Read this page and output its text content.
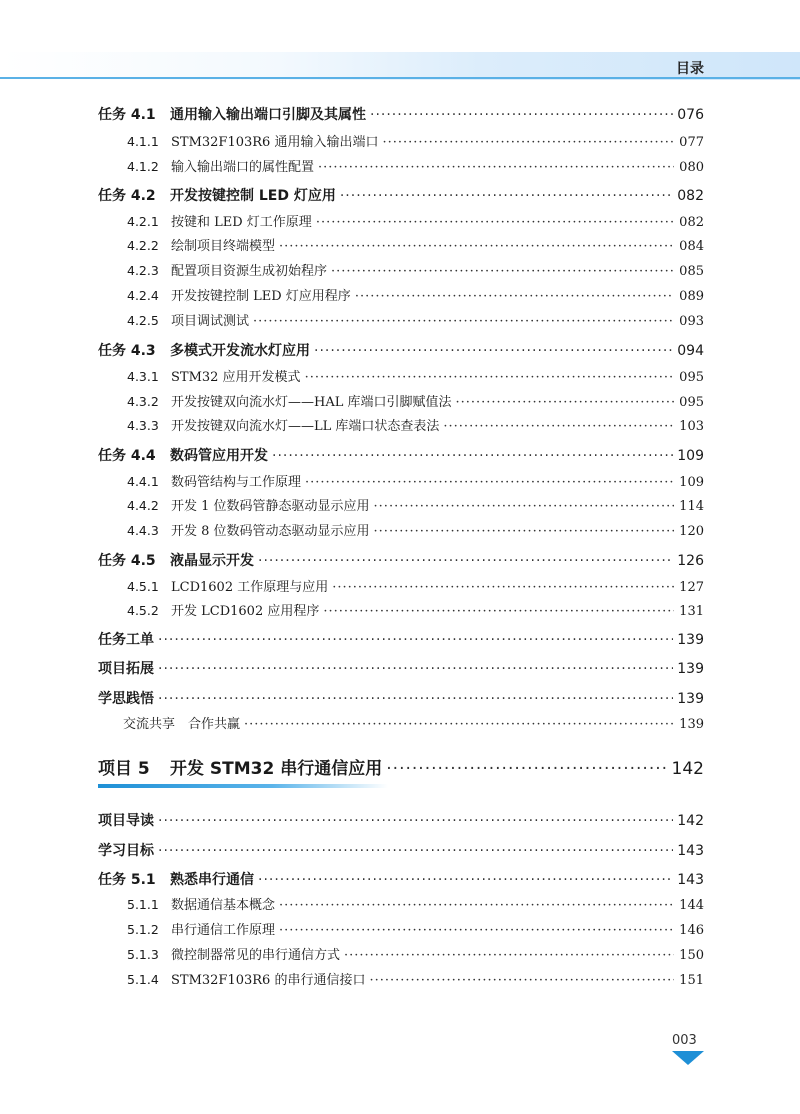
目录
任务 4.1	通用输入输出端口引脚及其属性 ·····	076
4.1.1 STM32F103R6 通用输入输出端口 ·····	077
4.1.2 输入输出端口的属性配置 ·····	080
任务 4.2	开发按键控制 LED 灯应用 ·····	082
4.2.1 按键和 LED 灯工作原理 ·····	082
4.2.2 绘制项目终端模型 ·····	084
4.2.3 配置项目资源生成初始程序 ·····	085
4.2.4 开发按键控制 LED 灯应用程序 ·····	089
4.2.5 项目调试测试 ·····	093
任务 4.3	多模式开发流水灯应用 ·····	094
4.3.1 STM32 应用开发模式 ·····	095
4.3.2 开发按键双向流水灯——HAL 库端口引脚赋值法 ·····	095
4.3.3 开发按键双向流水灯——LL 库端口状态查表法 ·····	103
任务 4.4	数码管应用开发 ·····	109
4.4.1 数码管结构与工作原理 ·····	109
4.4.2 开发 1 位数码管静态驱动显示应用 ·····	114
4.4.3 开发 8 位数码管动态驱动显示应用 ·····	120
任务 4.5	液晶显示开发 ·····	126
4.5.1 LCD1602 工作原理与应用 ·····	127
4.5.2 开发 LCD1602 应用程序 ·····	131
任务工单 ·····	139
项目拓展 ·····	139
学思践悟 ·····	139
交流共享　合作共赢 ·····	139
项目 5	开发 STM32 串行通信应用 ·····	142
项目导读 ·····	142
学习目标 ·····	143
任务 5.1	熟悉串行通信 ·····	143
5.1.1 数据通信基本概念 ·····	144
5.1.2 串行通信工作原理 ·····	146
5.1.3 微控制器常见的串行通信方式 ·····	150
5.1.4 STM32F103R6 的串行通信接口 ·····	151
003
